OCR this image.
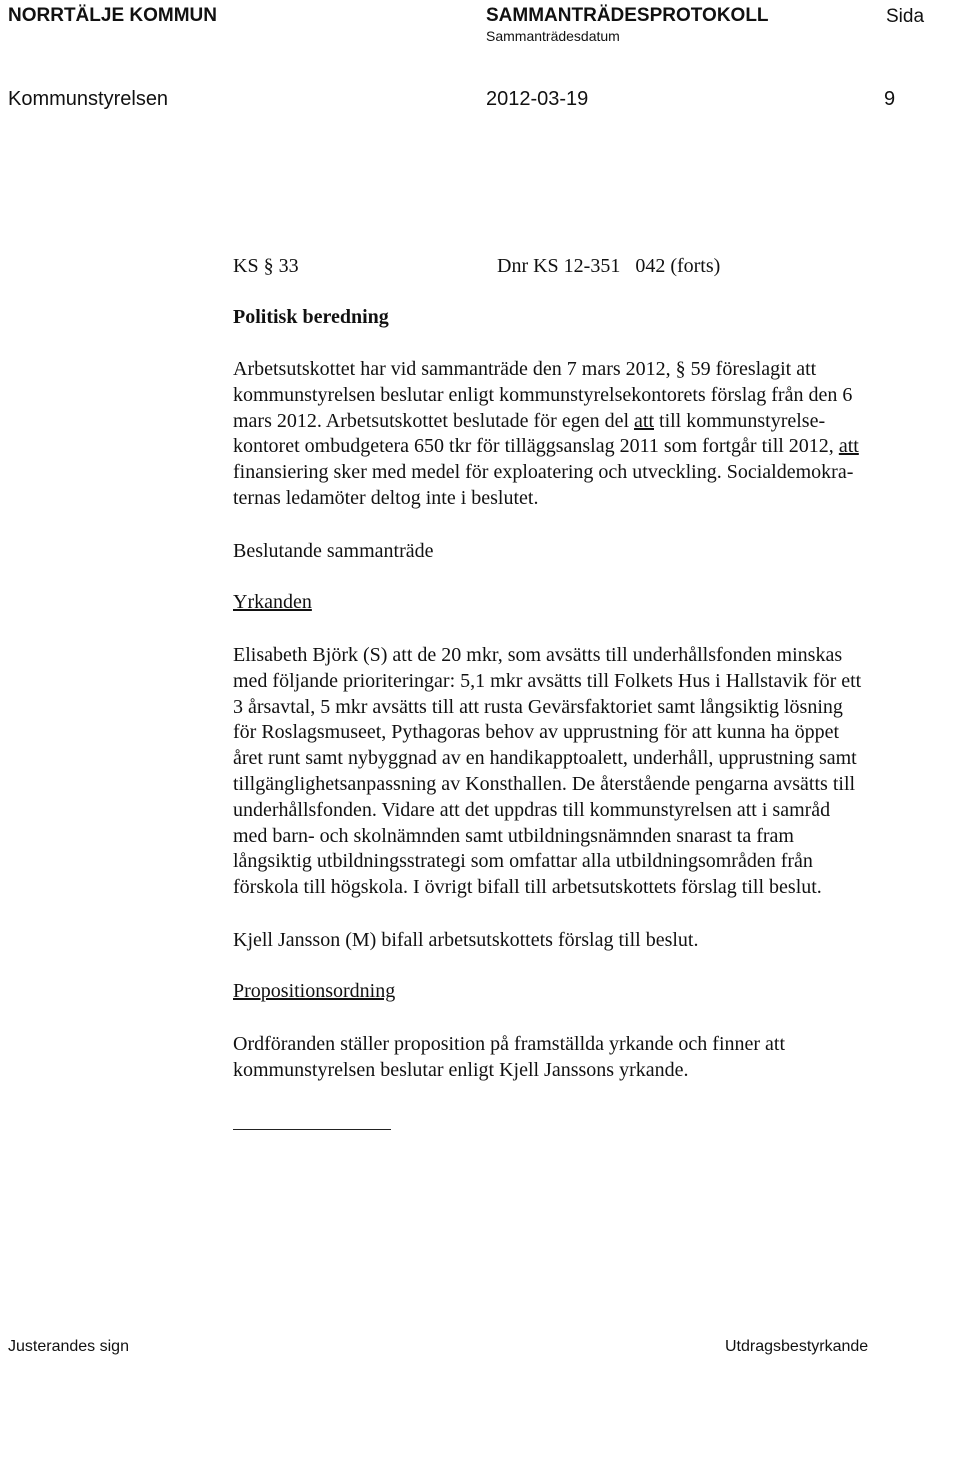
NORRTÄLJE KOMMUN	SAMMANTRÄDESPROTOKOLL	Sida
Sammanträdesdatum
Kommunstyrelsen	2012-03-19	9
KS § 33	Dnr KS 12-351   042 (forts)
Politisk beredning
Arbetsutskottet har vid sammanträde den 7 mars 2012, § 59 föreslagit att
kommunstyrelsen beslutar enligt kommunstyrelsekontorets förslag från den 6
mars 2012. Arbetsutskottet beslutade för egen del att till kommunstyrelse-
kontoret ombudgetera 650 tkr för tilläggsanslag 2011 som fortgår till 2012, att
finansiering sker med medel för exploatering och utveckling. Socialdemokra-
ternas ledamöter deltog inte i beslutet.
Beslutande sammanträde
Yrkanden
Elisabeth Björk (S) att de 20 mkr, som avsätts till underhållsfonden minskas
med följande prioriteringar: 5,1 mkr avsätts till Folkets Hus i Hallstavik för ett
3 årsavtal, 5 mkr avsätts till att rusta Gevärsfaktoriet samt långsiktig lösning
för Roslagsmuseet, Pythagoras behov av upprustning för att kunna ha öppet
året runt samt nybyggnad av en handikapptoalett, underhåll, upprustning samt
tillgänglighetsanpassning av Konsthallen. De återstående pengarna avsätts till
underhållsfonden. Vidare att det uppdras till kommunstyrelsen att i samråd
med barn- och skolnämnden samt utbildningsnämnden snarast ta fram
långsiktig utbildningsstrategi som omfattar alla utbildningsområden från
förskola till högskola. I övrigt bifall till arbetsutskottets förslag till beslut.
Kjell Jansson (M) bifall arbetsutskottets förslag till beslut.
Propositionsordning
Ordföranden ställer proposition på framställda yrkande och finner att
kommunstyrelsen beslutar enligt Kjell Janssons yrkande.
Justerandes sign	Utdragsbestyrkande
